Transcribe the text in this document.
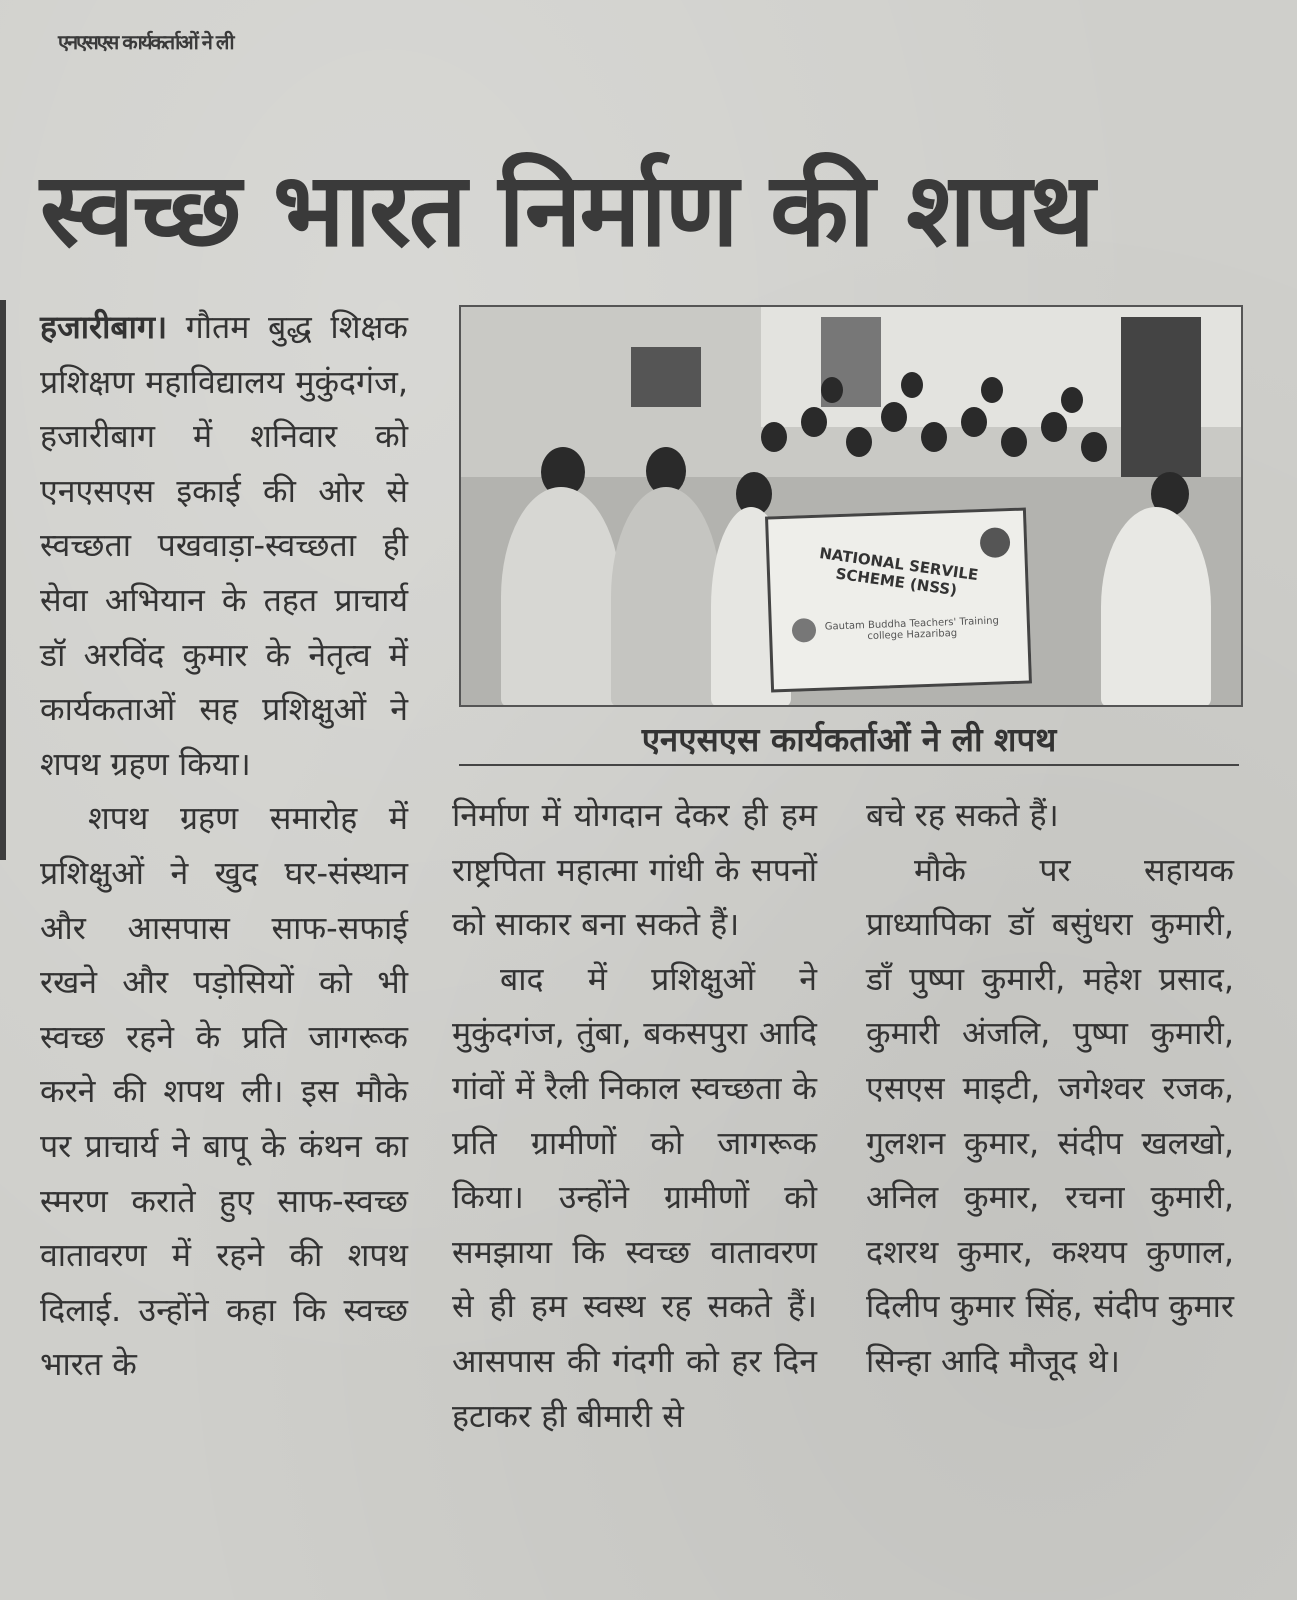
एनएसएस कार्यकर्ताओं ने ली
स्वच्छ भारत निर्माण की शपथ

हजारीबाग। गौतम बुद्ध शिक्षक प्रशिक्षण महाविद्यालय मुकुंदगंज, हजारीबाग में शनिवार को एनएसएस इकाई की ओर से स्वच्छता पखवाड़ा-स्वच्छता ही सेवा अभियान के तहत प्राचार्य डॉ अरविंद कुमार के नेतृत्व में कार्यकताओं सह प्रशिक्षुओं ने शपथ ग्रहण किया।

शपथ ग्रहण समारोह में प्रशिक्षुओं ने खुद घर-संस्थान और आसपास साफ-सफाई रखने और पड़ोसियों को भी स्वच्छ रहने के प्रति जागरूक करने की शपथ ली। इस मौके पर प्राचार्य ने बापू के कंथन का स्मरण कराते हुए साफ-स्वच्छ वातावरण में रहने की शपथ दिलाई. उन्होंने कहा कि स्वच्छ भारत के

NATIONAL SERVILE SCHEME (NSS)
Gautam Buddha Teachers' Training college Hazaribag
एनएसएस कार्यकर्ताओं ने ली शपथ

निर्माण में योगदान देकर ही हम राष्ट्रपिता महात्मा गांधी के सपनों को साकार बना सकते हैं।

बाद में प्रशिक्षुओं ने मुकुंदगंज, तुंबा, बकसपुरा आदि गांवों में रैली निकाल स्वच्छता के प्रति ग्रामीणों को जागरूक किया। उन्होंने ग्रामीणों को समझाया कि स्वच्छ वातावरण से ही हम स्वस्थ रह सकते हैं। आसपास की गंदगी को हर दिन हटाकर ही बीमारी से

बचे रह सकते हैं।

मौके पर सहायक प्राध्यापिका डॉ बसुंधरा कुमारी, डाँ पुष्पा कुमारी, महेश प्रसाद, कुमारी अंजलि, पुष्पा कुमारी, एसएस माइटी, जगेश्वर रजक, गुलशन कुमार, संदीप खलखो, अनिल कुमार, रचना कुमारी, दशरथ कुमार, कश्यप कुणाल, दिलीप कुमार सिंह, संदीप कुमार सिन्हा आदि मौजूद थे।
